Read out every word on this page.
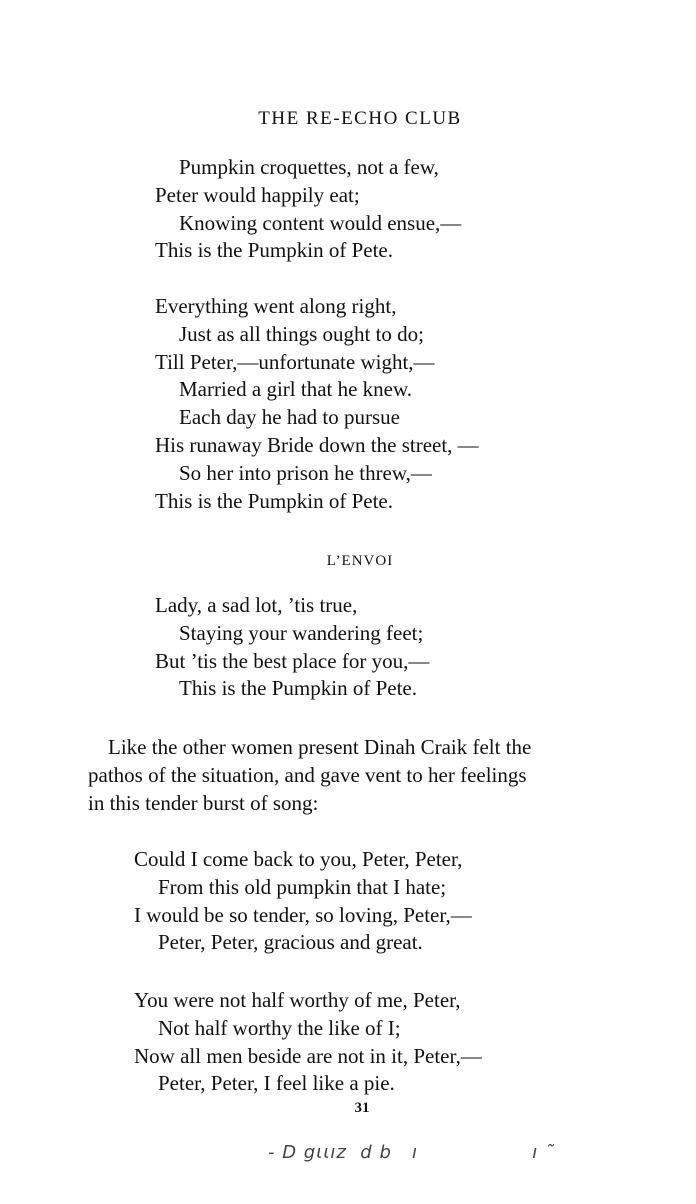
THE RE-ECHO CLUB
Pumpkin croquettes, not a few,
Peter would happily eat;
Knowing content would ensue,—
This is the Pumpkin of Pete.
Everything went along right,
Just as all things ought to do;
Till Peter,—unfortunate wight,—
Married a girl that he knew.
Each day he had to pursue
His runaway Bride down the street, —
So her into prison he threw,—
This is the Pumpkin of Pete.
L’ENVOI
Lady, a sad lot, ’tis true,
Staying your wandering feet;
But ’tis the best place for you,—
This is the Pumpkin of Pete.
Like the other women present Dinah Craik felt the
pathos of the situation, and gave vent to her feelings
in this tender burst of song:
Could I come back to you, Peter, Peter,
From this old pumpkin that I hate;
I would be so tender, so loving, Peter,—
Peter, Peter, gracious and great.
You were not half worthy of me, Peter,
Not half worthy the like of I;
Now all men beside are not in it, Peter,—
Peter, Peter, I feel like a pie.
31
- D gιιız  d b   ı                 ı ˜
